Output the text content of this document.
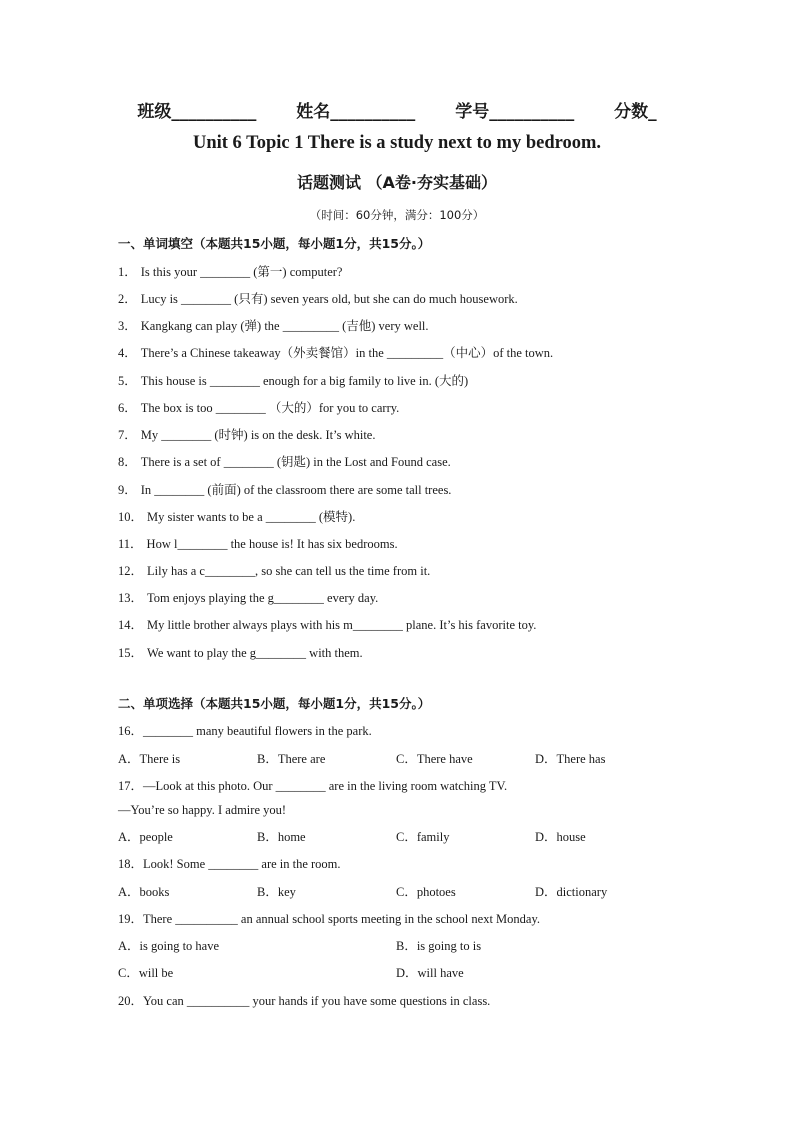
班级__________ 姓名__________ 学号__________ 分数_
Unit 6 Topic 1 There is a study next to my bedroom.
话题测试 （A卷·夯实基础）
（时间：60分钟，满分：100分）
一、单词填空（本题共15小题，每小题1分，共15分。）
1． Is this your ________ (第一) computer?
2． Lucy is ________ (只有) seven years old, but she can do much housework.
3． Kangkang can play (弹) the _________ (吉他) very well.
4． There’s a Chinese takeaway（外卖餐馆）in the _________（中心）of the town.
5． This house is ________ enough for a big family to live in. (大的)
6． The box is too ________ （大的）for you to carry.
7． My ________ (时钟) is on the desk. It’s white.
8． There is a set of ________ (钥匙) in the Lost and Found case.
9． In ________ (前面) of the classroom there are some tall trees.
10． My sister wants to be a ________ (模特).
11． How l________ the house is! It has six bedrooms.
12． Lily has a c________, so she can tell us the time from it.
13． Tom enjoys playing the g________ every day.
14． My little brother always plays with his m________ plane. It’s his favorite toy.
15． We want to play the g________ with them.
二、单项选择（本题共15小题，每小题1分，共15分。）
16．________ many beautiful flowers in the park.
A．There is	B．There are	C．There have	D．There has
17．—Look at this photo. Our ________ are in the living room watching TV.
—You’re so happy. I admire you!
A．people	B．home	C．family	D．house
18．Look! Some ________ are in the room.
A．books	B．key	C．photoes	D．dictionary
19．There __________ an annual school sports meeting in the school next Monday.
A．is going to have	B．is going to is
C．will be	D．will have
20．You can __________ your hands if you have some questions in class.
